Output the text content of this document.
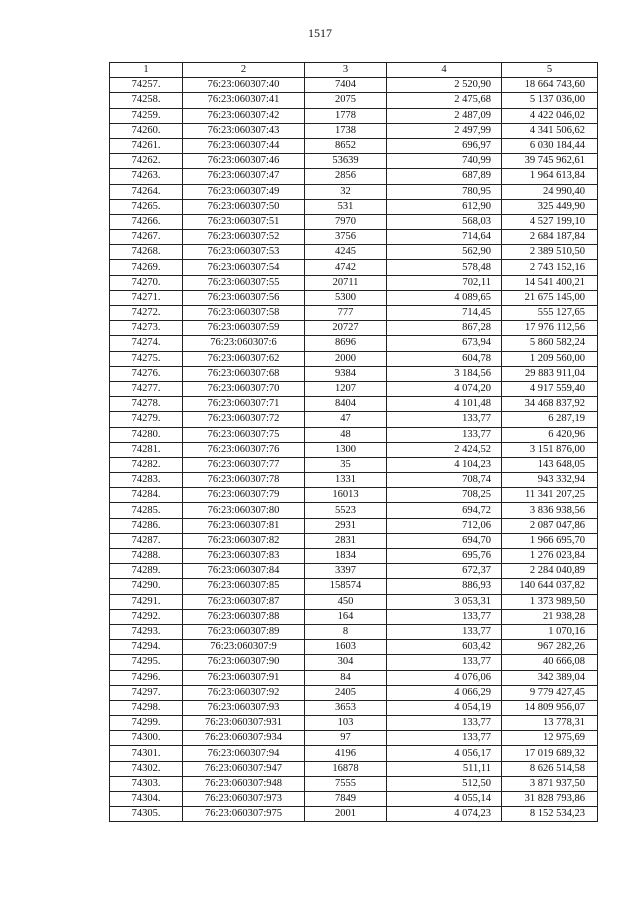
1517
1	2	3	4	5
74257.	76:23:060307:40	7404	2 520,90	18 664 743,60
74258.	76:23:060307:41	2075	2 475,68	5 137 036,00
74259.	76:23:060307:42	1778	2 487,09	4 422 046,02
74260.	76:23:060307:43	1738	2 497,99	4 341 506,62
74261.	76:23:060307:44	8652	696,97	6 030 184,44
74262.	76:23:060307:46	53639	740,99	39 745 962,61
74263.	76:23:060307:47	2856	687,89	1 964 613,84
74264.	76:23:060307:49	32	780,95	24 990,40
74265.	76:23:060307:50	531	612,90	325 449,90
74266.	76:23:060307:51	7970	568,03	4 527 199,10
74267.	76:23:060307:52	3756	714,64	2 684 187,84
74268.	76:23:060307:53	4245	562,90	2 389 510,50
74269.	76:23:060307:54	4742	578,48	2 743 152,16
74270.	76:23:060307:55	20711	702,11	14 541 400,21
74271.	76:23:060307:56	5300	4 089,65	21 675 145,00
74272.	76:23:060307:58	777	714,45	555 127,65
74273.	76:23:060307:59	20727	867,28	17 976 112,56
74274.	76:23:060307:6	8696	673,94	5 860 582,24
74275.	76:23:060307:62	2000	604,78	1 209 560,00
74276.	76:23:060307:68	9384	3 184,56	29 883 911,04
74277.	76:23:060307:70	1207	4 074,20	4 917 559,40
74278.	76:23:060307:71	8404	4 101,48	34 468 837,92
74279.	76:23:060307:72	47	133,77	6 287,19
74280.	76:23:060307:75	48	133,77	6 420,96
74281.	76:23:060307:76	1300	2 424,52	3 151 876,00
74282.	76:23:060307:77	35	4 104,23	143 648,05
74283.	76:23:060307:78	1331	708,74	943 332,94
74284.	76:23:060307:79	16013	708,25	11 341 207,25
74285.	76:23:060307:80	5523	694,72	3 836 938,56
74286.	76:23:060307:81	2931	712,06	2 087 047,86
74287.	76:23:060307:82	2831	694,70	1 966 695,70
74288.	76:23:060307:83	1834	695,76	1 276 023,84
74289.	76:23:060307:84	3397	672,37	2 284 040,89
74290.	76:23:060307:85	158574	886,93	140 644 037,82
74291.	76:23:060307:87	450	3 053,31	1 373 989,50
74292.	76:23:060307:88	164	133,77	21 938,28
74293.	76:23:060307:89	8	133,77	1 070,16
74294.	76:23:060307:9	1603	603,42	967 282,26
74295.	76:23:060307:90	304	133,77	40 666,08
74296.	76:23:060307:91	84	4 076,06	342 389,04
74297.	76:23:060307:92	2405	4 066,29	9 779 427,45
74298.	76:23:060307:93	3653	4 054,19	14 809 956,07
74299.	76:23:060307:931	103	133,77	13 778,31
74300.	76:23:060307:934	97	133,77	12 975,69
74301.	76:23:060307:94	4196	4 056,17	17 019 689,32
74302.	76:23:060307:947	16878	511,11	8 626 514,58
74303.	76:23:060307:948	7555	512,50	3 871 937,50
74304.	76:23:060307:973	7849	4 055,14	31 828 793,86
74305.	76:23:060307:975	2001	4 074,23	8 152 534,23
